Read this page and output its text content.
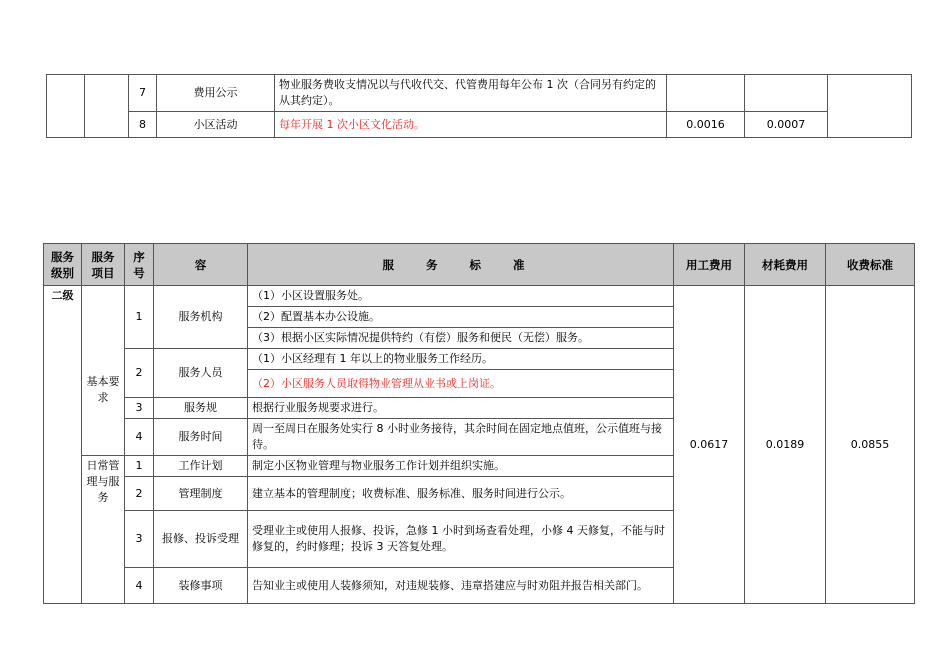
		7	费用公示	物业服务费收支情况以与代收代交、代管费用每年公布 1 次（合同另有约定的从其约定）。			
		8	小区活动	每年开展 1 次小区文化活动。	0.0016	0.0007	
服务级别	服务项目	序号	容	服 务 标 准	用工费用	材耗费用	收费标准
二级	基本要求	1	服务机构	（1）小区设置服务处。	0.0617	0.0189	0.0855
				（2）配置基本办公设施。			
				（3）根据小区实际情况提供特约（有偿）服务和便民（无偿）服务。			
		2	服务人员	（1）小区经理有 1 年以上的物业服务工作经历。			
				（2）小区服务人员取得物业管理从业书或上岗证。			
		3	服务规	根据行业服务规要求进行。			
		4	服务时间	周一至周日在服务处实行 8 小时业务接待，其余时间在固定地点值班，公示值班与接待。			
	日常管理与服务	1	工作计划	制定小区物业管理与物业服务工作计划并组织实施。			
		2	管理制度	建立基本的管理制度；收费标准、服务标准、服务时间进行公示。			
		3	报修、投诉受理	受理业主或使用人报修、投诉，急修 1 小时到场查看处理，小修 4 天修复，不能与时修复的，约时修理；投诉 3 天答复处理。			
		4	装修事项	告知业主或使用人装修须知，对违规装修、违章搭建应与时劝阻并报告相关部门。			
